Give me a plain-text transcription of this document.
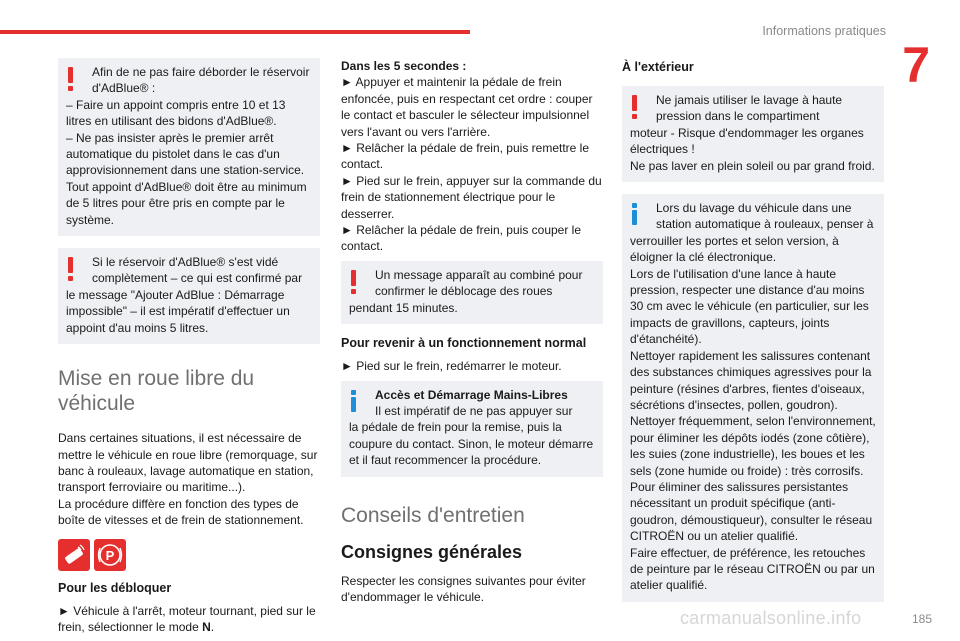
Informations pratiques
7

Afin de ne pas faire déborder le réservoir

d'AdBlue® :

– Faire un appoint compris entre 10 et 13 litres en utilisant des bidons d'AdBlue®.
– Ne pas insister après le premier arrêt automatique du pistolet dans le cas d'un approvisionnement dans une station-service.
Tout appoint d'AdBlue® doit être au minimum de 5 litres pour être pris en compte par le système.

Si le réservoir d'AdBlue® s'est vidé

complètement – ce qui est confirmé par

le message "Ajouter AdBlue : Démarrage impossible" – il est impératif d'effectuer un appoint d'au moins 5 litres.

Mise en roue libre du véhicule

Dans certaines situations, il est nécessaire de mettre le véhicule en roue libre (remorquage, sur banc à rouleaux, lavage automatique en station, transport ferroviaire ou maritime...).
La procédure diffère en fonction des types de boîte de vitesses et de frein de stationnement.

P
Pour les débloquer

► Véhicule à l'arrêt, moteur tournant, pied sur le frein, sélectionner le mode N.

Dans les 5 secondes :

► Appuyer et maintenir la pédale de frein enfoncée, puis en respectant cet ordre : couper le contact et basculer le sélecteur impulsionnel vers l'avant ou vers l'arrière.
► Relâcher la pédale de frein, puis remettre le contact.
► Pied sur le frein, appuyer sur la commande du frein de stationnement électrique pour le desserrer.
► Relâcher la pédale de frein, puis couper le contact.

Un message apparaît au combiné pour

confirmer le déblocage des roues

pendant 15 minutes.

Pour revenir à un fonctionnement normal

► Pied sur le frein, redémarrer le moteur.

Accès et Démarrage Mains-Libres

Il est impératif de ne pas appuyer sur

la pédale de frein pour la remise, puis la coupure du contact. Sinon, le moteur démarre et il faut recommencer la procédure.

Conseils d'entretien
Consignes générales

Respecter les consignes suivantes pour éviter d'endommager le véhicule.

À l'extérieur

Ne jamais utiliser le lavage à haute

pression dans le compartiment

moteur - Risque d'endommager les organes électriques !
Ne pas laver en plein soleil ou par grand froid.

Lors du lavage du véhicule dans une

station automatique à rouleaux, penser à

verrouiller les portes et selon version, à éloigner la clé électronique.
Lors de l'utilisation d'une lance à haute pression, respecter une distance d'au moins 30 cm avec le véhicule (en particulier, sur les impacts de gravillons, capteurs, joints d'étanchéité).
Nettoyer rapidement les salissures contenant des substances chimiques agressives pour la peinture (résines d'arbres, fientes d'oiseaux, sécrétions d'insectes, pollen, goudron).
Nettoyer fréquemment, selon l'environnement, pour éliminer les dépôts iodés (zone côtière), les suies (zone industrielle), les boues et les sels (zone humide ou froide) : très corrosifs.
Pour éliminer des salissures persistantes nécessitant un produit spécifique (anti-goudron, démoustiqueur), consulter le réseau CITROËN ou un atelier qualifié.
Faire effectuer, de préférence, les retouches de peinture par le réseau CITROËN ou par un atelier qualifié.

carmanualsonline.info	185
